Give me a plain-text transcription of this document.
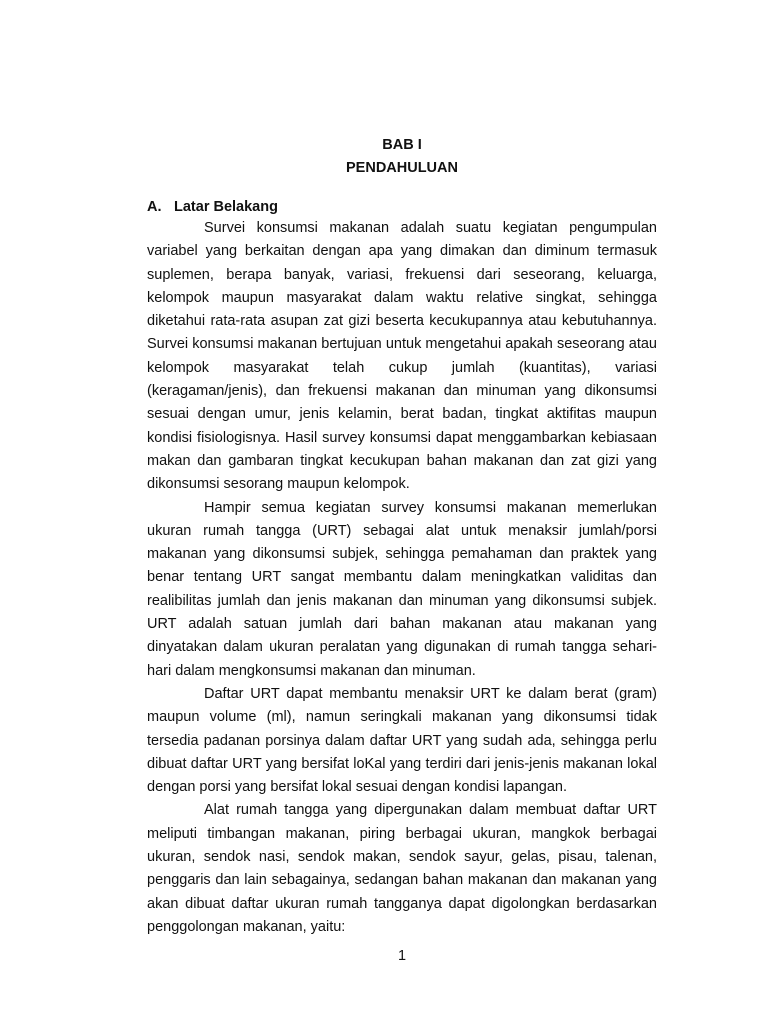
BAB I
PENDAHULUAN
A. Latar Belakang

Survei konsumsi makanan adalah suatu kegiatan pengumpulan variabel yang berkaitan dengan apa yang dimakan dan diminum termasuk suplemen, berapa banyak, variasi, frekuensi dari seseorang, keluarga, kelompok maupun masyarakat dalam waktu relative singkat, sehingga diketahui rata-rata asupan zat gizi beserta kecukupannya atau kebutuhannya. Survei konsumsi makanan bertujuan untuk mengetahui apakah seseorang atau kelompok masyarakat telah cukup jumlah (kuantitas), variasi (keragaman/jenis), dan frekuensi makanan dan minuman yang dikonsumsi sesuai dengan umur, jenis kelamin, berat badan, tingkat aktifitas maupun kondisi fisiologisnya. Hasil survey konsumsi dapat menggambarkan kebiasaan makan dan gambaran tingkat kecukupan bahan makanan dan zat gizi yang dikonsumsi sesorang maupun kelompok.

Hampir semua kegiatan survey konsumsi makanan memerlukan ukuran rumah tangga (URT) sebagai alat untuk menaksir jumlah/porsi makanan yang dikonsumsi subjek, sehingga pemahaman dan praktek yang benar tentang URT sangat membantu dalam meningkatkan validitas dan realibilitas jumlah dan jenis makanan dan minuman yang dikonsumsi subjek. URT adalah satuan jumlah dari bahan makanan atau makanan yang dinyatakan dalam ukuran peralatan yang digunakan di rumah tangga sehari-hari dalam mengkonsumsi makanan dan minuman.

Daftar URT dapat membantu menaksir URT ke dalam berat (gram) maupun volume (ml), namun seringkali makanan yang dikonsumsi tidak tersedia padanan porsinya dalam daftar URT yang sudah ada, sehingga perlu dibuat daftar URT yang bersifat loKal yang terdiri dari jenis-jenis makanan lokal dengan porsi yang bersifat lokal sesuai dengan kondisi lapangan.

Alat rumah tangga yang dipergunakan dalam membuat daftar URT meliputi timbangan makanan, piring berbagai ukuran, mangkok berbagai ukuran, sendok nasi, sendok makan, sendok sayur, gelas, pisau, talenan, penggaris dan lain sebagainya, sedangan bahan makanan dan makanan yang akan dibuat daftar ukuran rumah tangganya dapat digolongkan berdasarkan penggolongan makanan, yaitu:

1
